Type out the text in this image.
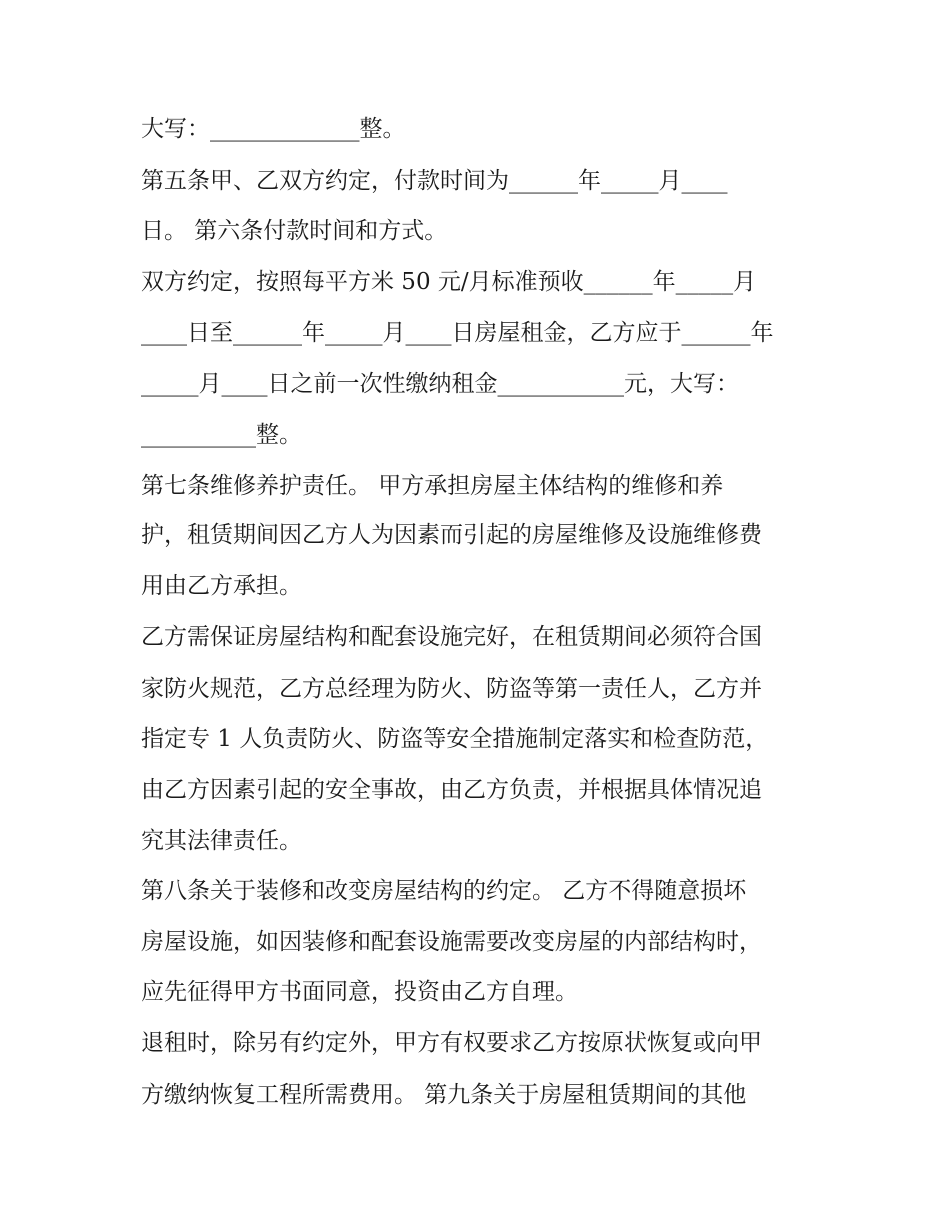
大写：_____________整。
第五条甲、乙双方约定，付款时间为______年_____月____
日。 第六条付款时间和方式。
双方约定，按照每平方米 50 元/月标准预收______年_____月
____日至______年_____月____日房屋租金，乙方应于______年
_____月____日之前一次性缴纳租金___________元，大写：
__________整。
第七条维修养护责任。 甲方承担房屋主体结构的维修和养
护，租赁期间因乙方人为因素而引起的房屋维修及设施维修费
用由乙方承担。
乙方需保证房屋结构和配套设施完好，在租赁期间必须符合国
家防火规范，乙方总经理为防火、防盗等第一责任人，乙方并
指定专 1 人负责防火、防盗等安全措施制定落实和检查防范，
由乙方因素引起的安全事故，由乙方负责，并根据具体情况追
究其法律责任。
第八条关于装修和改变房屋结构的约定。 乙方不得随意损坏
房屋设施，如因装修和配套设施需要改变房屋的内部结构时，
应先征得甲方书面同意，投资由乙方自理。
退租时，除另有约定外，甲方有权要求乙方按原状恢复或向甲
方缴纳恢复工程所需费用。 第九条关于房屋租赁期间的其他
